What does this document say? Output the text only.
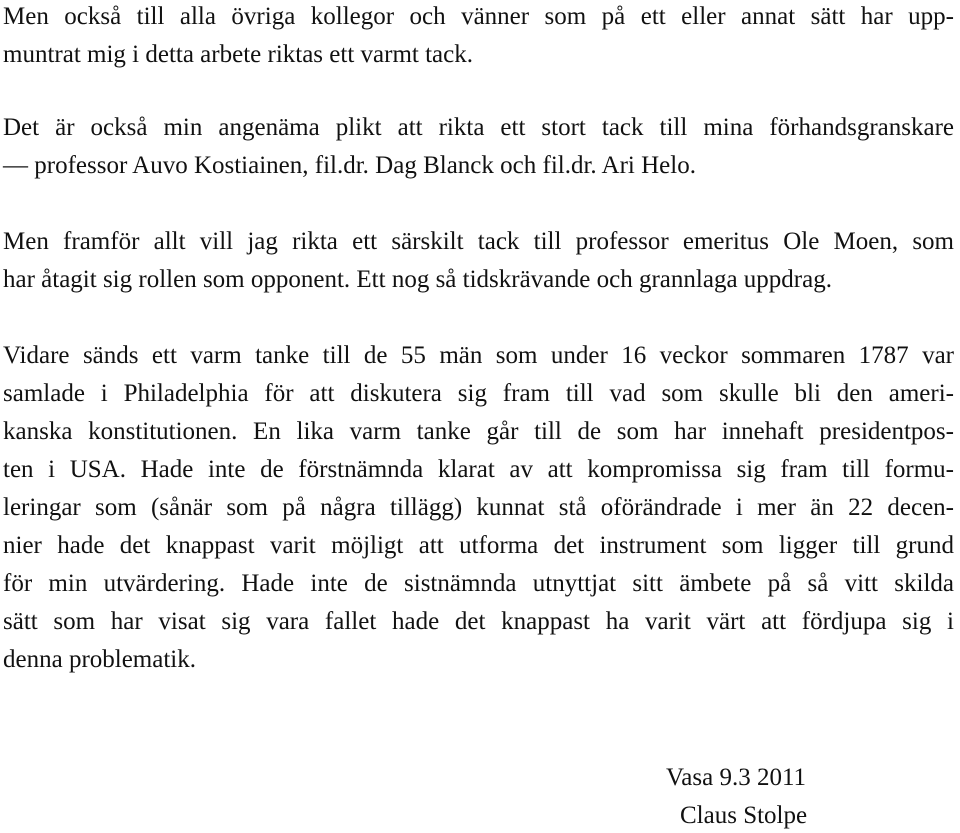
Men också till alla övriga kollegor och vänner som på ett eller annat sätt har upp-

muntrat mig i detta arbete riktas ett varmt tack.

Det är också min angenäma plikt att rikta ett stort tack till mina förhandsgranskare

— professor Auvo Kostiainen, fil.dr. Dag Blanck och fil.dr. Ari Helo.

Men framför allt vill jag rikta ett särskilt tack till professor emeritus Ole Moen, som

har åtagit sig rollen som opponent. Ett nog så tidskrävande och grannlaga uppdrag.

Vidare sänds ett varm tanke till de 55 män som under 16 veckor sommaren 1787 var

samlade i Philadelphia för att diskutera sig fram till vad som skulle bli den ameri-

kanska konstitutionen. En lika varm tanke går till de som har innehaft presidentpos-

ten i USA. Hade inte de förstnämnda klarat av att kompromissa sig fram till formu-

leringar som (sånär som på några tillägg) kunnat stå oförändrade i mer än 22 decen-

nier hade det knappast varit möjligt att utforma det instrument som ligger till grund

för min utvärdering. Hade inte de sistnämnda utnyttjat sitt ämbete på så vitt skilda

sätt som har visat sig vara fallet hade det knappast ha varit värt att fördjupa sig i

denna problematik.

Vasa 9.3 2011

Claus Stolpe
